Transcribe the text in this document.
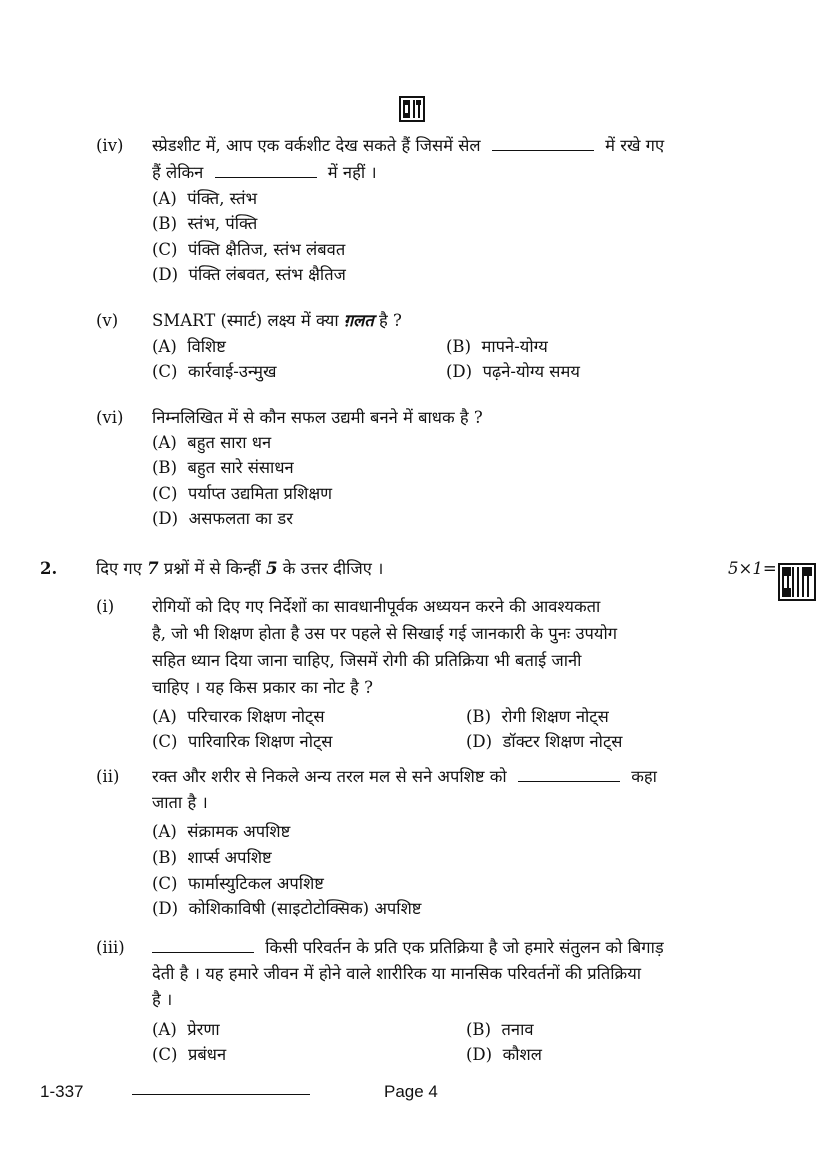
(iv) स्प्रेडशीट में, आप एक वर्कशीट देख सकते हैं जिसमें सेल	में रखे गए
हैं लेकिन	में नहीं ।
(A) पंक्ति, स्तंभ
(B) स्तंभ, पंक्ति
(C) पंक्ति क्षैतिज, स्तंभ लंबवत
(D) पंक्ति लंबवत, स्तंभ क्षैतिज
(v) SMART (स्मार्ट) लक्ष्य में क्या ग़लत है ?
(A) विशिष्ट	(B) मापने-योग्य
(C) कार्रवाई-उन्मुख	(D) पढ़ने-योग्य समय
(vi) निम्नलिखित में से कौन सफल उद्यमी बनने में बाधक है ?
(A) बहुत सारा धन
(B) बहुत सारे संसाधन
(C) पर्याप्त उद्यमिता प्रशिक्षण
(D) असफलता का डर
2. दिए गए 7 प्रश्नों में से किन्हीं 5 के उत्तर दीजिए ।	5×1=
(i) रोगियों को दिए गए निर्देशों का सावधानीपूर्वक अध्ययन करने की आवश्यकता
है, जो भी शिक्षण होता है उस पर पहले से सिखाई गई जानकारी के पुनः उपयोग
सहित ध्यान दिया जाना चाहिए, जिसमें रोगी की प्रतिक्रिया भी बताई जानी
चाहिए । यह किस प्रकार का नोट है ?
(A) परिचारक शिक्षण नोट्स	(B) रोगी शिक्षण नोट्स
(C) पारिवारिक शिक्षण नोट्स	(D) डॉक्टर शिक्षण नोट्स
(ii) रक्त और शरीर से निकले अन्य तरल मल से सने अपशिष्ट को	कहा
जाता है ।
(A) संक्रामक अपशिष्ट
(B) शार्प्स अपशिष्ट
(C) फार्मास्युटिकल अपशिष्ट
(D) कोशिकाविषी (साइटोटोक्सिक) अपशिष्ट
(iii)	किसी परिवर्तन के प्रति एक प्रतिक्रिया है जो हमारे संतुलन को बिगाड़
देती है । यह हमारे जीवन में होने वाले शारीरिक या मानसिक परिवर्तनों की प्रतिक्रिया
है ।
(A) प्रेरणा	(B) तनाव
(C) प्रबंधन	(D) कौशल
1-337	Page 4
